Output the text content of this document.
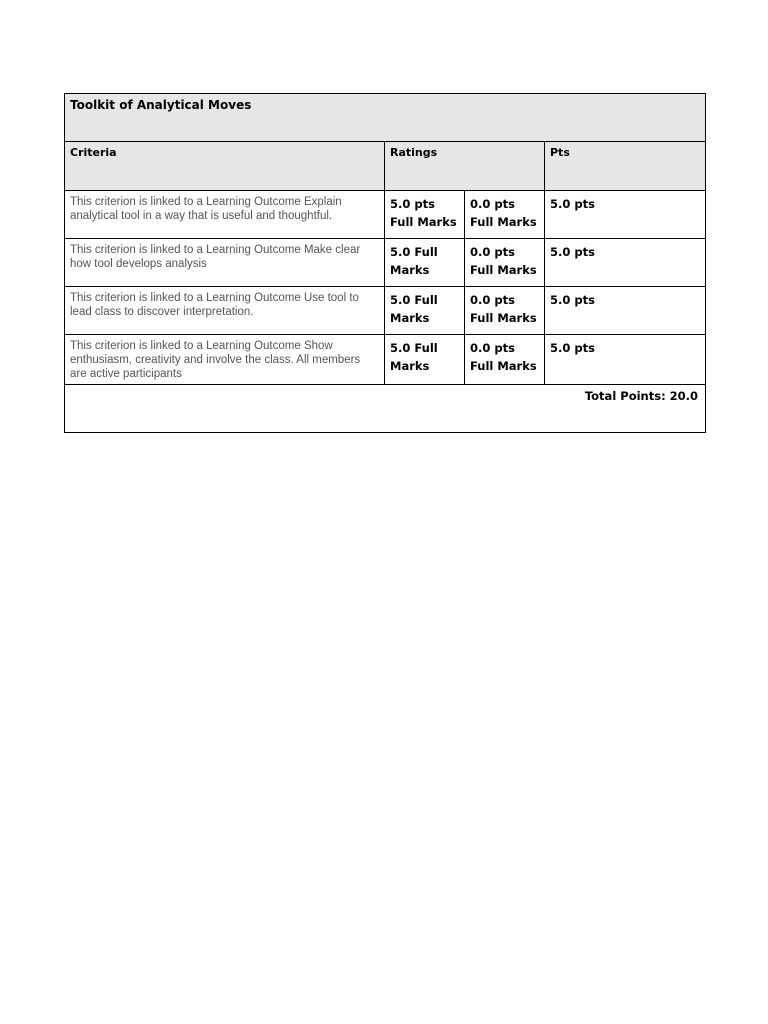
Toolkit of Analytical Moves			
Criteria	Ratings		Pts
This criterion is linked to a Learning Outcome Explain analytical tool in a way that is useful and thoughtful.	5.0 pts Full Marks	0.0 pts Full Marks	5.0 pts
This criterion is linked to a Learning Outcome Make clear how tool develops analysis	5.0 Full Marks	0.0 pts Full Marks	5.0 pts
This criterion is linked to a Learning Outcome Use tool to lead class to discover interpretation.	5.0 Full Marks	0.0 pts Full Marks	5.0 pts
This criterion is linked to a Learning Outcome Show enthusiasm, creativity and involve the class. All members are active participants	5.0 Full Marks	0.0 pts Full Marks	5.0 pts
Total Points: 20.0			
